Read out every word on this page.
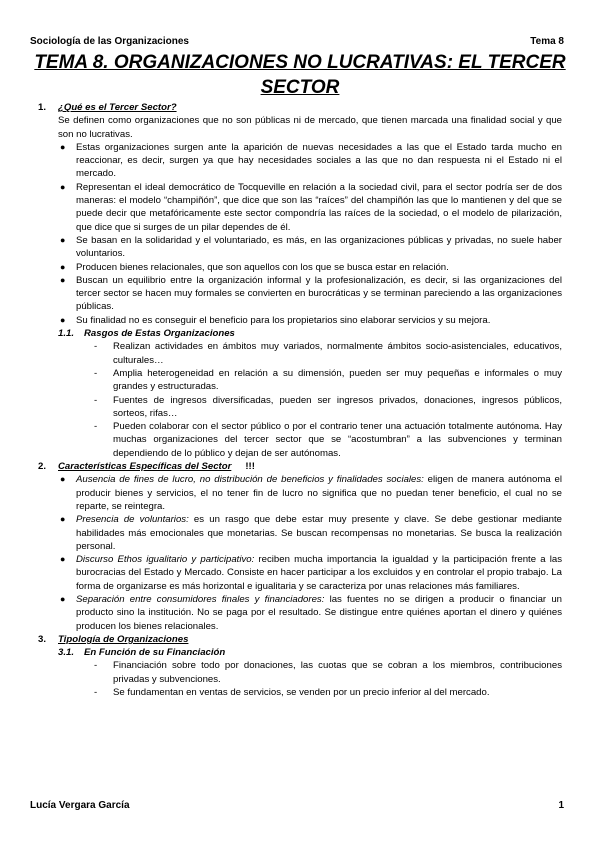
Sociología de las Organizaciones	Tema 8
TEMA 8. ORGANIZACIONES NO LUCRATIVAS: EL TERCER SECTOR
1. ¿Qué es el Tercer Sector?
Se definen como organizaciones que no son públicas ni de mercado, que tienen marcada una finalidad social y que son no lucrativas.
● Estas organizaciones surgen ante la aparición de nuevas necesidades a las que el Estado tarda mucho en reaccionar, es decir, surgen ya que hay necesidades sociales a las que no dan respuesta ni el Estado ni el mercado.
● Representan el ideal democrático de Tocqueville en relación a la sociedad civil, para el sector podría ser de dos maneras: el modelo “champiñón”, que dice que son las “raíces” del champiñón las que lo mantienen y del que se puede decir que metafóricamente este sector compondría las raíces de la sociedad, o el modelo de pilarización, que dice que si surges de un pilar dependes de él.
● Se basan en la solidaridad y el voluntariado, es más, en las organizaciones públicas y privadas, no suele haber voluntarios.
● Producen bienes relacionales, que son aquellos con los que se busca estar en relación.
● Buscan un equilibrio entre la organización informal y la profesionalización, es decir, si las organizaciones del tercer sector se hacen muy formales se convierten en burocráticas y se terminan pareciendo a las organizaciones públicas.
● Su finalidad no es conseguir el beneficio para los propietarios sino elaborar servicios y su mejora.
1.1. Rasgos de Estas Organizaciones
- Realizan actividades en ámbitos muy variados, normalmente ámbitos socio-asistenciales, educativos, culturales…
- Amplia heterogeneidad en relación a su dimensión, pueden ser muy pequeñas e informales o muy grandes y estructuradas.
- Fuentes de ingresos diversificadas, pueden ser ingresos privados, donaciones, ingresos públicos, sorteos, rifas…
- Pueden colaborar con el sector público o por el contrario tener una actuación totalmente autónoma. Hay muchas organizaciones del tercer sector que se “acostumbran” a las subvenciones y terminan dependiendo de lo público y dejan de ser autónomas.
2. Características Específicas del Sector !!!
● Ausencia de fines de lucro, no distribución de beneficios y finalidades sociales: eligen de manera autónoma el producir bienes y servicios, el no tener fin de lucro no significa que no puedan tener beneficio, el cual no se reparte, se reintegra.
● Presencia de voluntarios: es un rasgo que debe estar muy presente y clave. Se debe gestionar mediante habilidades más emocionales que monetarias. Se buscan recompensas no monetarias. Se busca la realización personal.
● Discurso Ethos igualitario y participativo: reciben mucha importancia la igualdad y la participación frente a las burocracias del Estado y Mercado. Consiste en hacer participar a los excluidos y en controlar el propio trabajo. La forma de organizarse es más horizontal e igualitaria y se caracteriza por unas relaciones más familiares.
● Separación entre consumidores finales y financiadores: las fuentes no se dirigen a producir o financiar un producto sino la institución. No se paga por el resultado. Se distingue entre quiénes aportan el dinero y quiénes producen los bienes relacionales.
3. Tipología de Organizaciones
3.1. En Función de su Financiación
- Financiación sobre todo por donaciones, las cuotas que se cobran a los miembros, contribuciones privadas y subvenciones.
- Se fundamentan en ventas de servicios, se venden por un precio inferior al del mercado.
Lucía Vergara García	1
